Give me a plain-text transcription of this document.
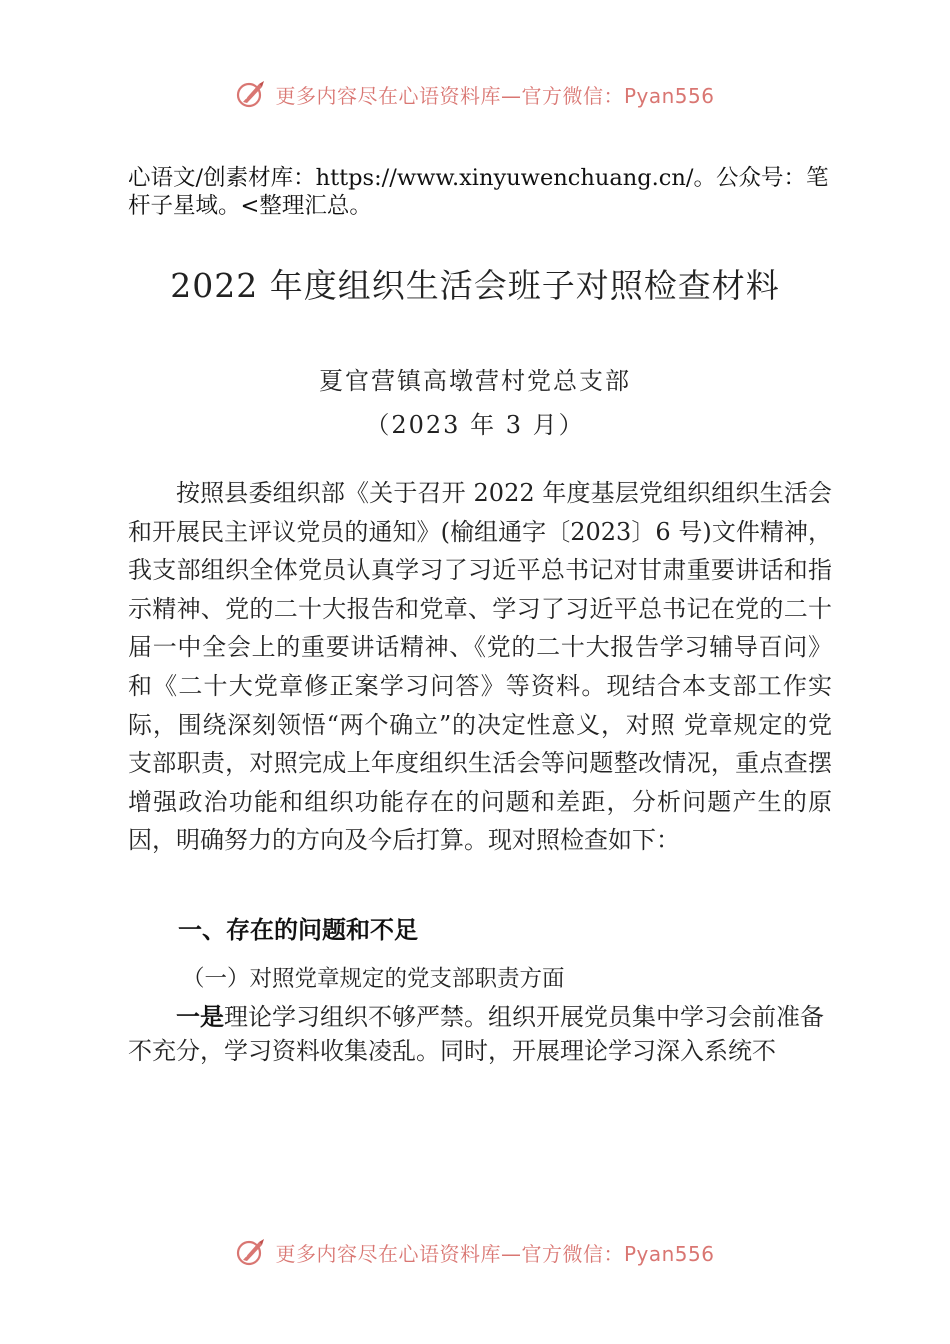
更多内容尽在心语资料库—官方微信：Pyan556
心语文/创素材库：https://www.xinyuwenchuang.cn/。公众号：笔杆子星域。<整理汇总。
2022 年度组织生活会班子对照检查材料
夏官营镇高墩营村党总支部
（2023 年 3 月）
按照县委组织部《关于召开 2022 年度基层党组织组织生活会和开展民主评议党员的通知》(榆组通字〔2023〕6 号)文件精神，我支部组织全体党员认真学习了习近平总书记对甘肃重要讲话和指示精神、党的二十大报告和党章、学习了习近平总书记在党的二十届一中全会上的重要讲话精神、《党的二十大报告学习辅导百问》和《二十大党章修正案学习问答》等资料。现结合本支部工作实际，围绕深刻领悟“两个确立”的决定性意义，对照 党章规定的党支部职责，对照完成上年度组织生活会等问题整改情况，重点查摆增强政治功能和组织功能存在的问题和差距，分析问题产生的原因，明确努力的方向及今后打算。现对照检查如下：
一、存在的问题和不足
（一）对照党章规定的党支部职责方面
一是理论学习组织不够严禁。组织开展党员集中学习会前准备不充分，学习资料收集凌乱。同时，开展理论学习深入系统不
更多内容尽在心语资料库—官方微信：Pyan556
